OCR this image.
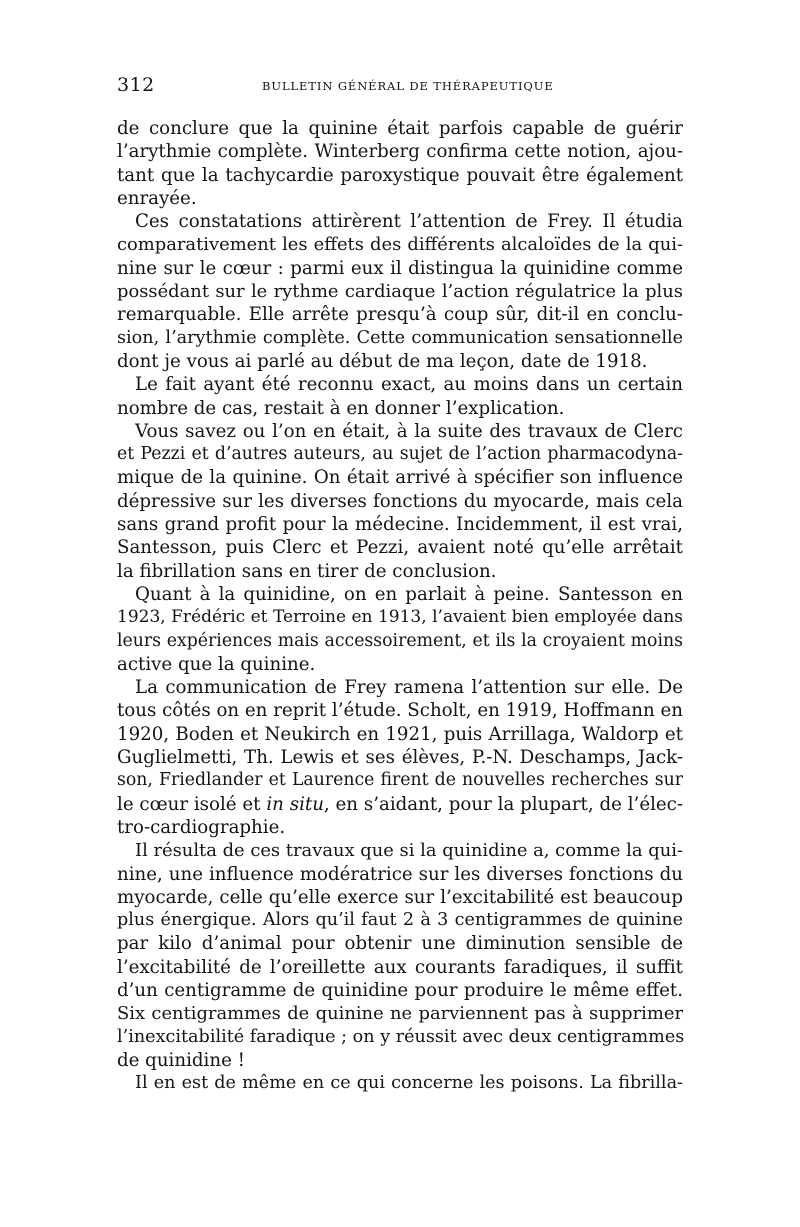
312	BULLETIN GÉNÉRAL DE THÉRAPEUTIQUE
de conclure que la quinine était parfois capable de guérir
l’arythmie complète. Winterberg confirma cette notion, ajou-
tant que la tachycardie paroxystique pouvait être également
enrayée.
Ces constatations attirèrent l’attention de Frey. Il étudia
comparativement les effets des différents alcaloïdes de la qui-
nine sur le cœur : parmi eux il distingua la quinidine comme
possédant sur le rythme cardiaque l’action régulatrice la plus
remarquable. Elle arrête presqu’à coup sûr, dit-il en conclu-
sion, l’arythmie complète. Cette communication sensationnelle
dont je vous ai parlé au début de ma leçon, date de 1918.
Le fait ayant été reconnu exact, au moins dans un certain
nombre de cas, restait à en donner l’explication.
Vous savez ou l’on en était, à la suite des travaux de Clerc
et Pezzi et d’autres auteurs, au sujet de l’action pharmacodyna-
mique de la quinine. On était arrivé à spécifier son influence
dépressive sur les diverses fonctions du myocarde, mais cela
sans grand profit pour la médecine. Incidemment, il est vrai,
Santesson, puis Clerc et Pezzi, avaient noté qu’elle arrêtait
la fibrillation sans en tirer de conclusion.
Quant à la quinidine, on en parlait à peine. Santesson en
1923, Frédéric et Terroine en 1913, l’avaient bien employée dans
leurs expériences mais accessoirement, et ils la croyaient moins
active que la quinine.
La communication de Frey ramena l’attention sur elle. De
tous côtés on en reprit l’étude. Scholt, en 1919, Hoffmann en
1920, Boden et Neukirch en 1921, puis Arrillaga, Waldorp et
Guglielmetti, Th. Lewis et ses élèves, P.-N. Deschamps, Jack-
son, Friedlander et Laurence firent de nouvelles recherches sur
le cœur isolé et in situ, en s’aidant, pour la plupart, de l’élec-
tro-cardiographie.
Il résulta de ces travaux que si la quinidine a, comme la qui-
nine, une influence modératrice sur les diverses fonctions du
myocarde, celle qu’elle exerce sur l’excitabilité est beaucoup
plus énergique. Alors qu’il faut 2 à 3 centigrammes de quinine
par kilo d’animal pour obtenir une diminution sensible de
l’excitabilité de l’oreillette aux courants faradiques, il suffit
d’un centigramme de quinidine pour produire le même effet.
Six centigrammes de quinine ne parviennent pas à supprimer
l’inexcitabilité faradique ; on y réussit avec deux centigrammes
de quinidine !
Il en est de même en ce qui concerne les poisons. La fibrilla-
